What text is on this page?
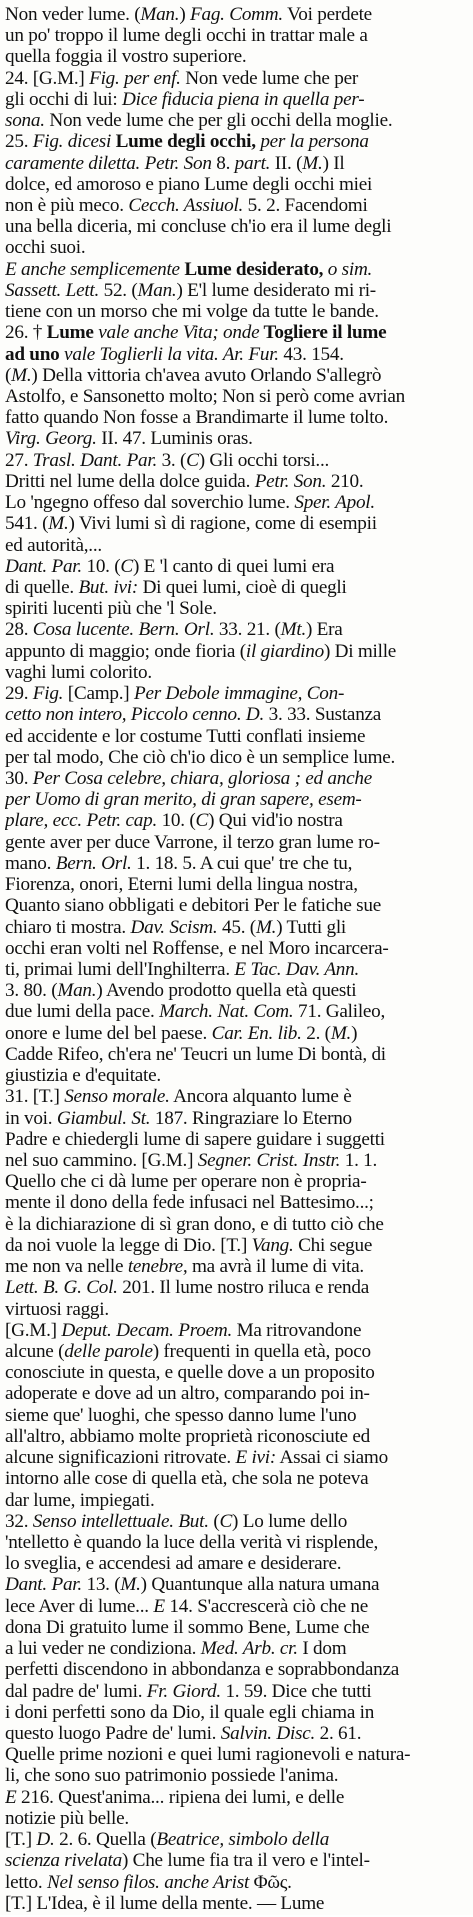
Non veder lume. (Man.) Fag. Comm. Voi perdete
un po' troppo il lume degli occhi in trattar male a
quella foggia il vostro superiore.
24. [G.M.] Fig. per enf. Non vede lume che per
gli occhi di lui: Dice fiducia piena in quella per-
sona. Non vede lume che per gli occhi della moglie.
25. Fig. dicesi Lume degli occhi, per la persona
caramente diletta. Petr. Son 8. part. II. (M.) Il
dolce, ed amoroso e piano Lume degli occhi miei
non è più meco. Cecch. Assiuol. 5. 2. Facendomi
una bella diceria, mi concluse ch'io era il lume degli
occhi suoi.
E anche semplicemente Lume desiderato, o sim.
Sassett. Lett. 52. (Man.) E'l lume desiderato mi ri-
tiene con un morso che mi volge da tutte le bande.
26. † Lume vale anche Vita; onde Togliere il lume
ad uno vale Toglierli la vita. Ar. Fur. 43. 154.
(M.) Della vittoria ch'avea avuto Orlando S'allegrò
Astolfo, e Sansonetto molto; Non si però come avrian
fatto quando Non fosse a Brandimarte il lume tolto.
Virg. Georg. II. 47. Luminis oras.
27. Trasl. Dant. Par. 3. (C) Gli occhi torsi...
Dritti nel lume della dolce guida. Petr. Son. 210.
Lo 'ngegno offeso dal soverchio lume. Sper. Apol.
541. (M.) Vivi lumi sì di ragione, come di esempii
ed autorità,...
Dant. Par. 10. (C) E 'l canto di quei lumi era
di quelle. But. ivi: Di quei lumi, cioè di quegli
spiriti lucenti più che 'l Sole.
28. Cosa lucente. Bern. Orl. 33. 21. (Mt.) Era
appunto di maggio; onde fioria (il giardino) Di mille
vaghi lumi colorito.
29. Fig. [Camp.] Per Debole immagine, Con-
cetto non intero, Piccolo cenno. D. 3. 33. Sustanza
ed accidente e lor costume Tutti conflati insieme
per tal modo, Che ciò ch'io dico è un semplice lume.
30. Per Cosa celebre, chiara, gloriosa ; ed anche
per Uomo di gran merito, di gran sapere, esem-
plare, ecc. Petr. cap. 10. (C) Qui vid'io nostra
gente aver per duce Varrone, il terzo gran lume ro-
mano. Bern. Orl. 1. 18. 5. A cui que' tre che tu,
Fiorenza, onori, Eterni lumi della lingua nostra,
Quanto siano obbligati e debitori Per le fatiche sue
chiaro ti mostra. Dav. Scism. 45. (M.) Tutti gli
occhi eran volti nel Roffense, e nel Moro incarcera-
ti, primai lumi dell'Inghilterra. E Tac. Dav. Ann.
3. 80. (Man.) Avendo prodotto quella età questi
due lumi della pace. March. Nat. Com. 71. Galileo,
onore e lume del bel paese. Car. En. lib. 2. (M.)
Cadde Rifeo, ch'era ne' Teucri un lume Di bontà, di
giustizia e d'equitate.
31. [T.] Senso morale. Ancora alquanto lume è
in voi. Giambul. St. 187. Ringraziare lo Eterno
Padre e chiedergli lume di sapere guidare i suggetti
nel suo cammino. [G.M.] Segner. Crist. Instr. 1. 1.
Quello che ci dà lume per operare non è propria-
mente il dono della fede infusaci nel Battesimo...;
è la dichiarazione di sì gran dono, e di tutto ciò che
da noi vuole la legge di Dio. [T.] Vang. Chi segue
me non va nelle tenebre, ma avrà il lume di vita.
Lett. B. G. Col. 201. Il lume nostro riluca e renda
virtuosi raggi.
[G.M.] Deput. Decam. Proem. Ma ritrovandone
alcune (delle parole) frequenti in quella età, poco
conosciute in questa, e quelle dove a un proposito
adoperate e dove ad un altro, comparando poi in-
sieme que' luoghi, che spesso danno lume l'uno
all'altro, abbiamo molte proprietà riconosciute ed
alcune significazioni ritrovate. E ivi: Assai ci siamo
intorno alle cose di quella età, che sola ne poteva
dar lume, impiegati.
32. Senso intellettuale. But. (C) Lo lume dello
'ntelletto è quando la luce della verità vi risplende,
lo sveglia, e accendesi ad amare e desiderare.
Dant. Par. 13. (M.) Quantunque alla natura umana
lece Aver di lume... E 14. S'accrescerà ciò che ne
dona Di gratuito lume il sommo Bene, Lume che
a lui veder ne condiziona. Med. Arb. cr. I dom
perfetti discendono in abbondanza e soprabbondanza
dal padre de' lumi. Fr. Giord. 1. 59. Dice che tutti
i doni perfetti sono da Dio, il quale egli chiama in
questo luogo Padre de' lumi. Salvin. Disc. 2. 61.
Quelle prime nozioni e quei lumi ragionevoli e natura-
li, che sono suo patrimonio possiede l'anima.
E 216. Quest'anima... ripiena dei lumi, e delle
notizie più belle.
[T.] D. 2. 6. Quella (Beatrice, simbolo della
scienza rivelata) Che lume fia tra il vero e l'intel-
letto. Nel senso filos. anche Arist Φῶς.
[T.] L'Idea, è il lume della mente. — Lume
